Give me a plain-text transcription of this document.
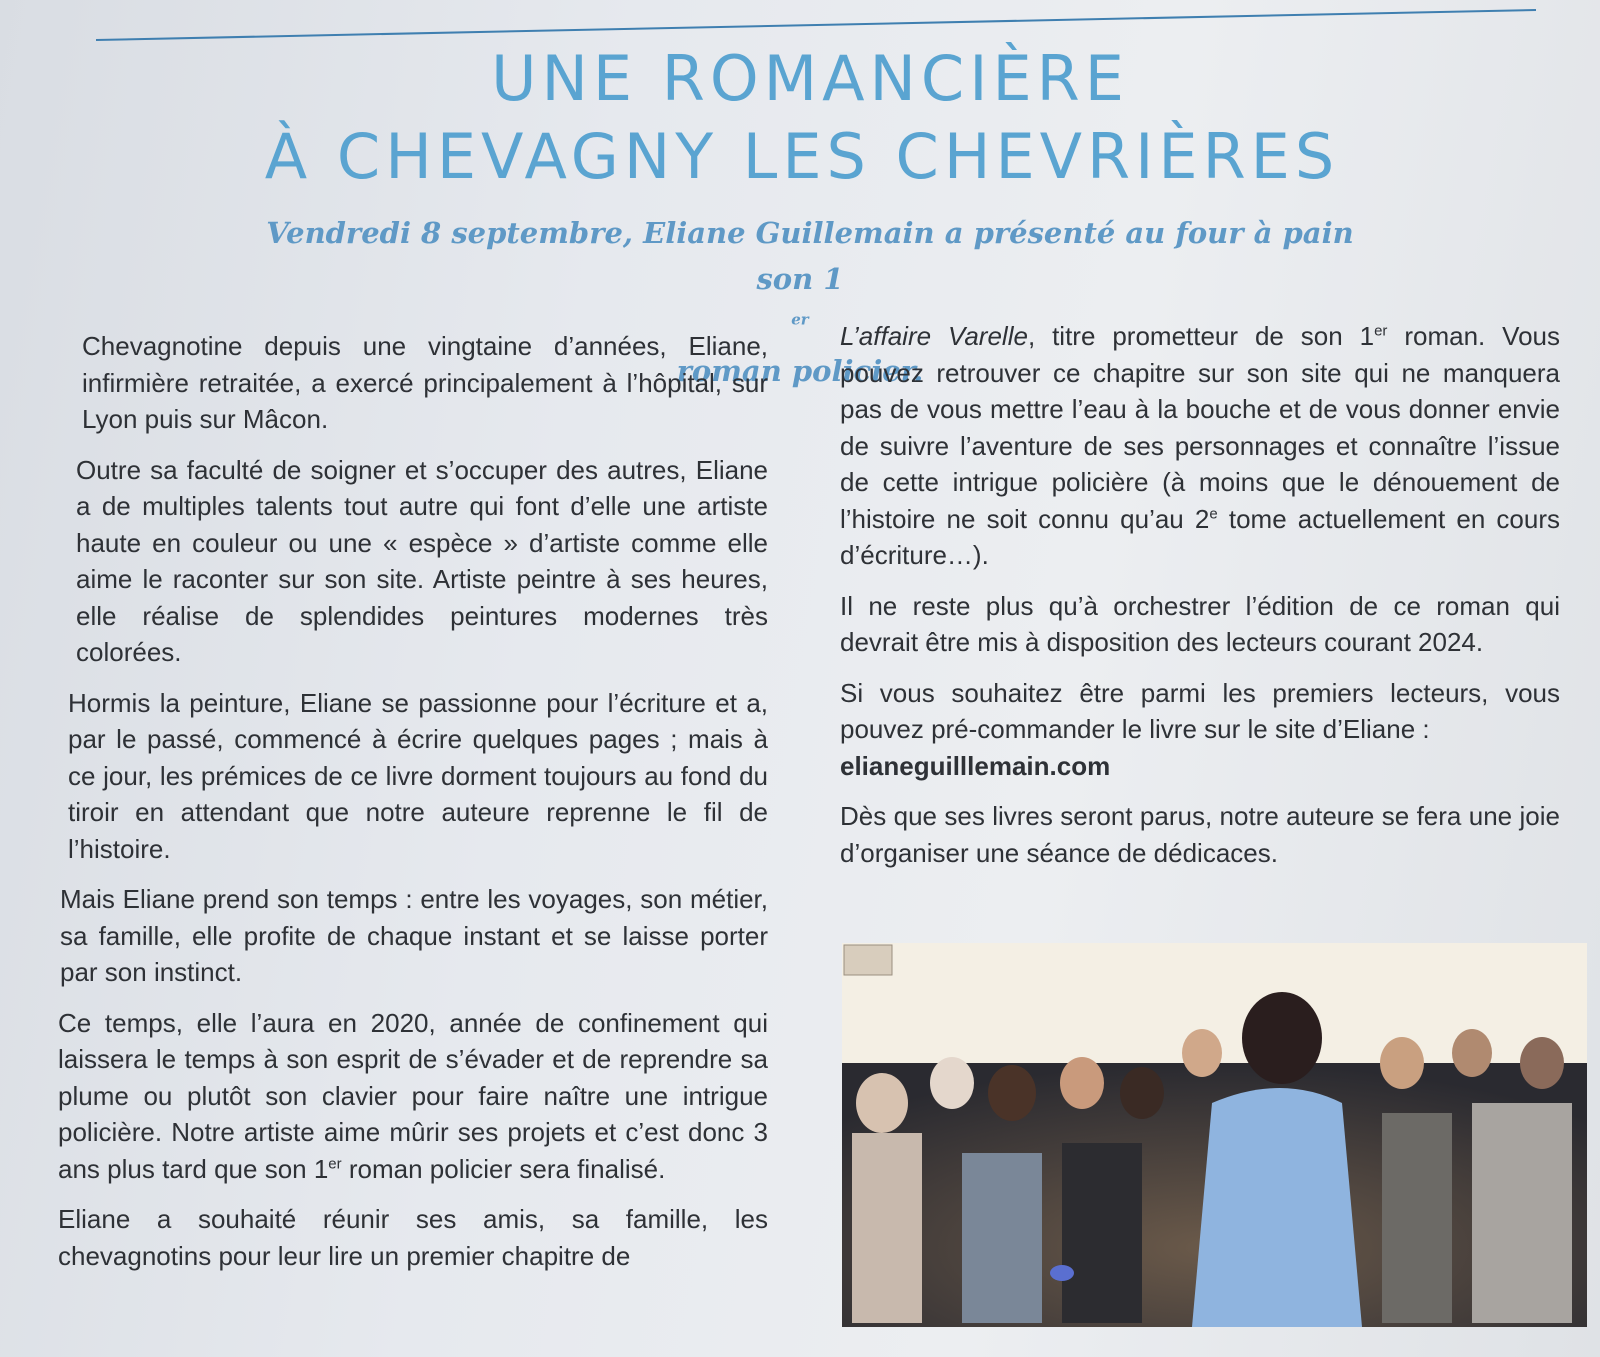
UNE ROMANCIÈRE
À CHEVAGNY LES CHEVRIÈRES
Vendredi 8 septembre, Eliane Guillemain a présenté au four à pain
son 1
$^{er}$
roman policier.

Chevagnotine depuis une vingtaine d’années, Eliane, infirmière retraitée, a exercé principalement à l’hôpital, sur Lyon puis sur Mâcon.

Outre sa faculté de soigner et s’occuper des autres, Eliane a de multiples talents tout autre qui font d’elle une artiste haute en couleur ou une « espèce » d’artiste comme elle aime le raconter sur son site. Artiste peintre à ses heures, elle réalise de splendides peintures modernes très colorées.

Hormis la peinture, Eliane se passionne pour l’écriture et a, par le passé, commencé à écrire quelques pages ; mais à ce jour, les prémices de ce livre dorment toujours au fond du tiroir en attendant que notre auteure reprenne le fil de l’histoire.

Mais Eliane prend son temps : entre les voyages, son métier, sa famille, elle profite de chaque instant et se laisse porter par son instinct.

Ce temps, elle l’aura en 2020, année de confinement qui laissera le temps à son esprit de s’évader et de reprendre sa plume ou plutôt son clavier pour faire naître une intrigue policière. Notre artiste aime mûrir ses projets et c’est donc 3 ans plus tard que son 1er roman policier sera finalisé.

Eliane a souhaité réunir ses amis, sa famille, les chevagnotins pour leur lire un premier chapitre de

L’affaire Varelle, titre prometteur de son 1er roman. Vous pouvez retrouver ce chapitre sur son site qui ne manquera pas de vous mettre l’eau à la bouche et de vous donner envie de suivre l’aventure de ses personnages et connaître l’issue de cette intrigue policière (à moins que le dénouement de l’histoire ne soit connu qu’au 2e tome actuellement en cours d’écriture…).

Il ne reste plus qu’à orchestrer l’édition de ce roman qui devrait être mis à disposition des lecteurs courant 2024.

Si vous souhaitez être parmi les premiers lecteurs, vous pouvez pré-commander le livre sur le site d’Eliane :
elianeguilllemain.com

Dès que ses livres seront parus, notre auteure se fera une joie d’organiser une séance de dédicaces.
